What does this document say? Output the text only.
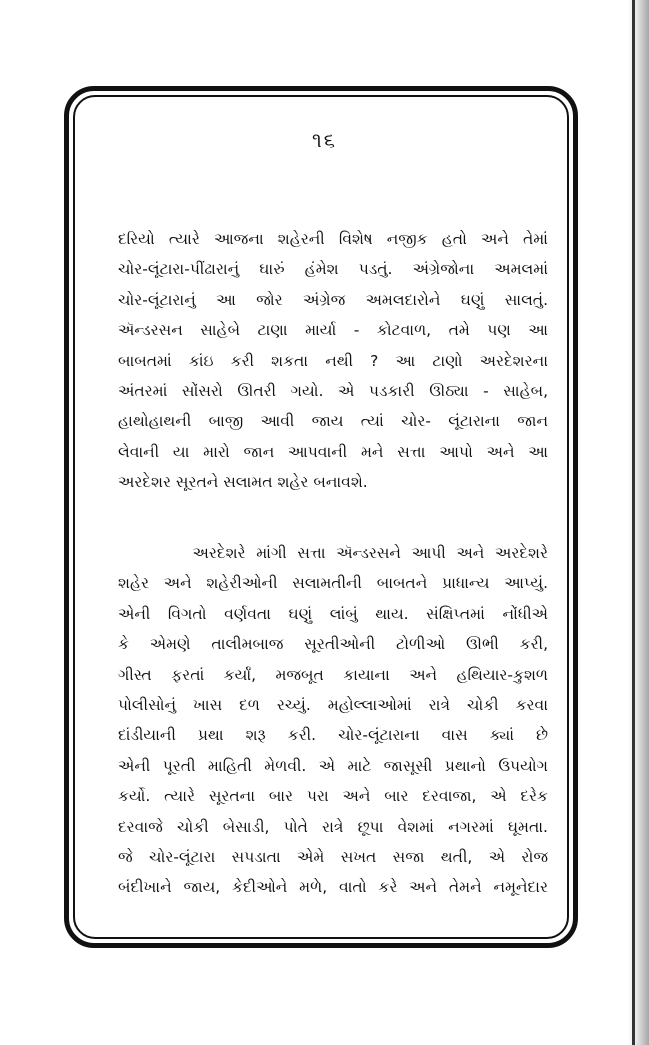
૧૬
દરિયો ત્યારે આજના શહેરની વિશેષ નજીક હતો અને તેમાં
ચોર-લૂંટારા-પીંઢારાનું ઘારું હંમેશ પડતું. અંગ્રેજોના અમલમાં
ચોર-લૂંટારાનું આ જોર અંગ્રેજ અમલદારોને ઘણું સાલતું.
ઍન્ડરસન સાહેબે ટાણા માર્યા - કોટવાળ, તમે પણ આ
બાબતમાં કાંઇ કરી શકતા નથી ? આ ટાણો અરદેશરના
અંતરમાં સોંસરો ઊતરી ગયો. એ પડકારી ઊઠ્યા - સાહેબ,
હાથોહાથની બાજી આવી જાય ત્યાં ચોર- લૂંટારાના જાન
લેવાની યા મારો જાન આપવાની મને સત્તા આપો અને આ
અરદેશર સૂરતને સલામત શહેર બનાવશે.
અરદેશરે માંગી સત્તા ઍન્ડરસને આપી અને અરદેશરે
શહેર અને શહેરીઓની સલામતીની બાબતને પ્રાધાન્ય આપ્યું.
એની વિગતો વર્ણવતા ઘણું લાંબું થાય. સંક્ષિપ્તમાં નોંધીએ
કે એમણે તાલીમબાજ સૂરતીઓની ટોળીઓ ઊભી કરી,
ગીસ્ત ફરતાં કર્યાં, મજબૂત કાયાના અને હથિયાર-કુશળ
પોલીસોનું ખાસ દળ રચ્યું. મહોલ્લાઓમાં રાત્રે ચોકી કરવા
દાંડીયાની પ્રથા શરૂ કરી. ચોર-લૂંટારાના વાસ ક્યાં છે
એની પૂરતી માહિતી મેળવી. એ માટે જાસૂસી પ્રથાનો ઉપયોગ
કર્યો. ત્યારે સૂરતના બાર પરા અને બાર દરવાજા, એ દરેક
દરવાજે ચોકી બેસાડી, પોતે રાત્રે છૂપા વેશમાં નગરમાં ઘૂમતા.
જે ચોર-લૂંટારા સપડાતા એમે સખત સજા થતી, એ રોજ
બંદીખાને જાય, કેદીઓને મળે, વાતો કરે અને તેમને નમૂનેદાર
